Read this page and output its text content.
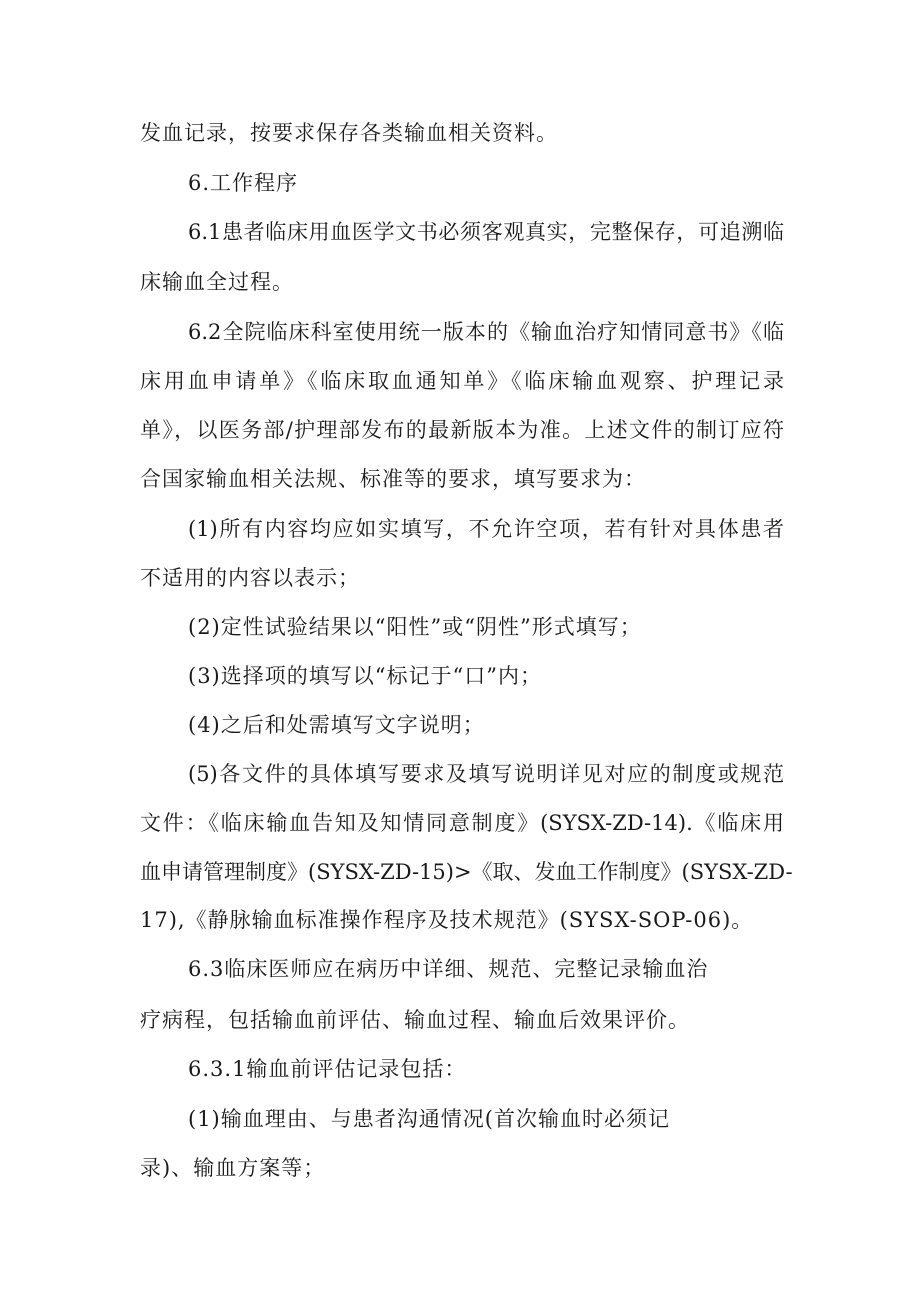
发血记录，按要求保存各类输血相关资料。

6.工作程序

6.1患者临床用血医学文书必须客观真实，完整保存，可追溯临

床输血全过程。

6.2全院临床科室使用统一版本的《输血治疗知情同意书》《临

床用血申请单》《临床取血通知单》《临床输血观察、护理记录

单》，以医务部/护理部发布的最新版本为准。上述文件的制订应符

合国家输血相关法规、标准等的要求，填写要求为：

(1)所有内容均应如实填写，不允许空项，若有针对具体患者

不适用的内容以表示；

(2)定性试验结果以“阳性”或“阴性”形式填写；

(3)选择项的填写以“标记于“口”内；

(4)之后和处需填写文字说明；

(5)各文件的具体填写要求及填写说明详见对应的制度或规范

文件：《临床输血告知及知情同意制度》(SYSX-ZD-14).《临床用

血申请管理制度》(SYSX-ZD-15)>《取、发血工作制度》(SYSX-ZD-

17),《静脉输血标准操作程序及技术规范》(SYSX-SOP-06)。

6.3临床医师应在病历中详细、规范、完整记录输血治

疗病程，包括输血前评估、输血过程、输血后效果评价。

6.3.1输血前评估记录包括：

(1)输血理由、与患者沟通情况(首次输血时必须记

录)、输血方案等；
